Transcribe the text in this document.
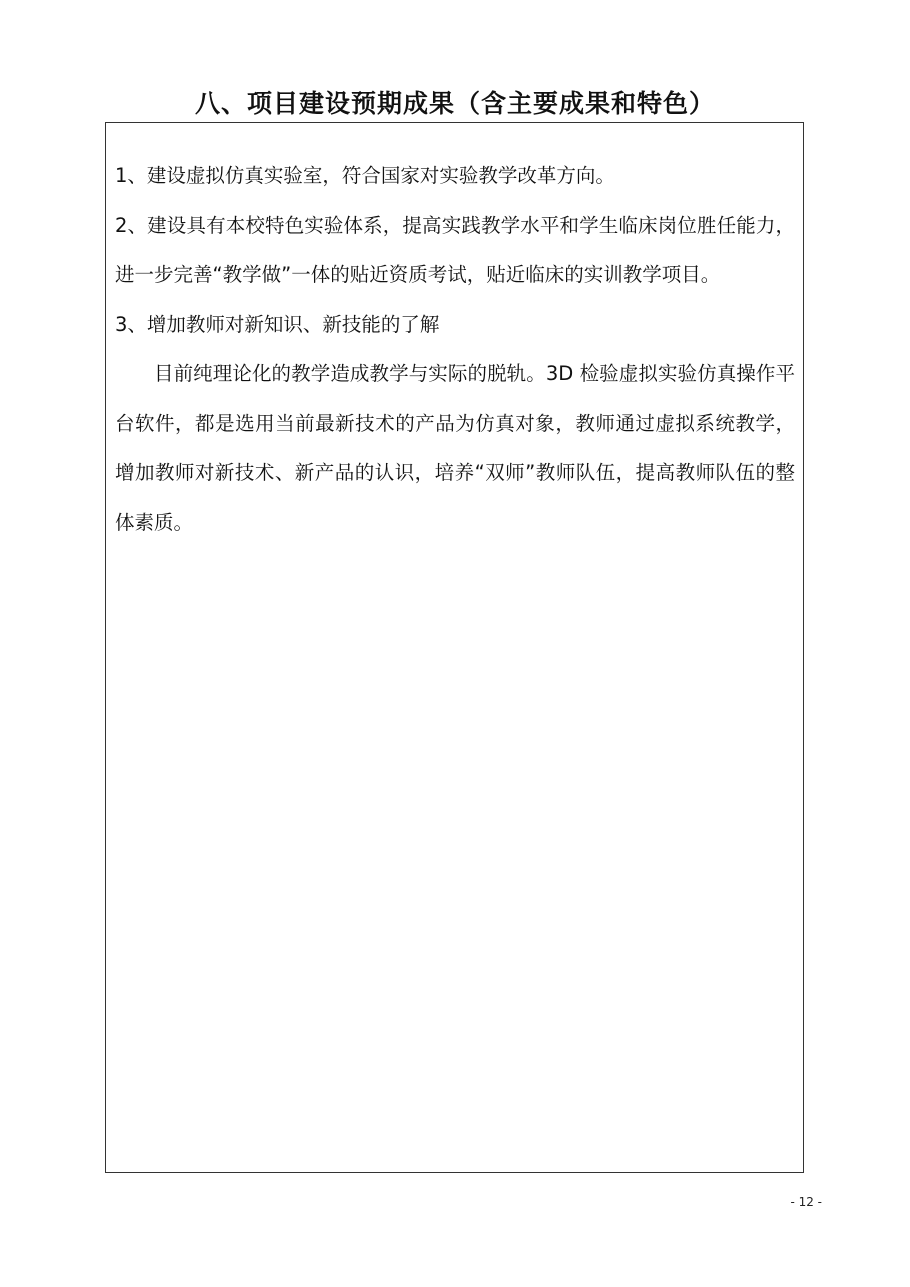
八、项目建设预期成果（含主要成果和特色）

1、建设虚拟仿真实验室，符合国家对实验教学改革方向。

2、建设具有本校特色实验体系，提高实践教学水平和学生临床岗位胜任能力，进一步完善“教学做”一体的贴近资质考试，贴近临床的实训教学项目。

3、增加教师对新知识、新技能的了解

目前纯理论化的教学造成教学与实际的脱轨。3D 检验虚拟实验仿真操作平台软件，都是选用当前最新技术的产品为仿真对象，教师通过虚拟系统教学，增加教师对新技术、新产品的认识，培养“双师”教师队伍，提高教师队伍的整体素质。

- 12 -
